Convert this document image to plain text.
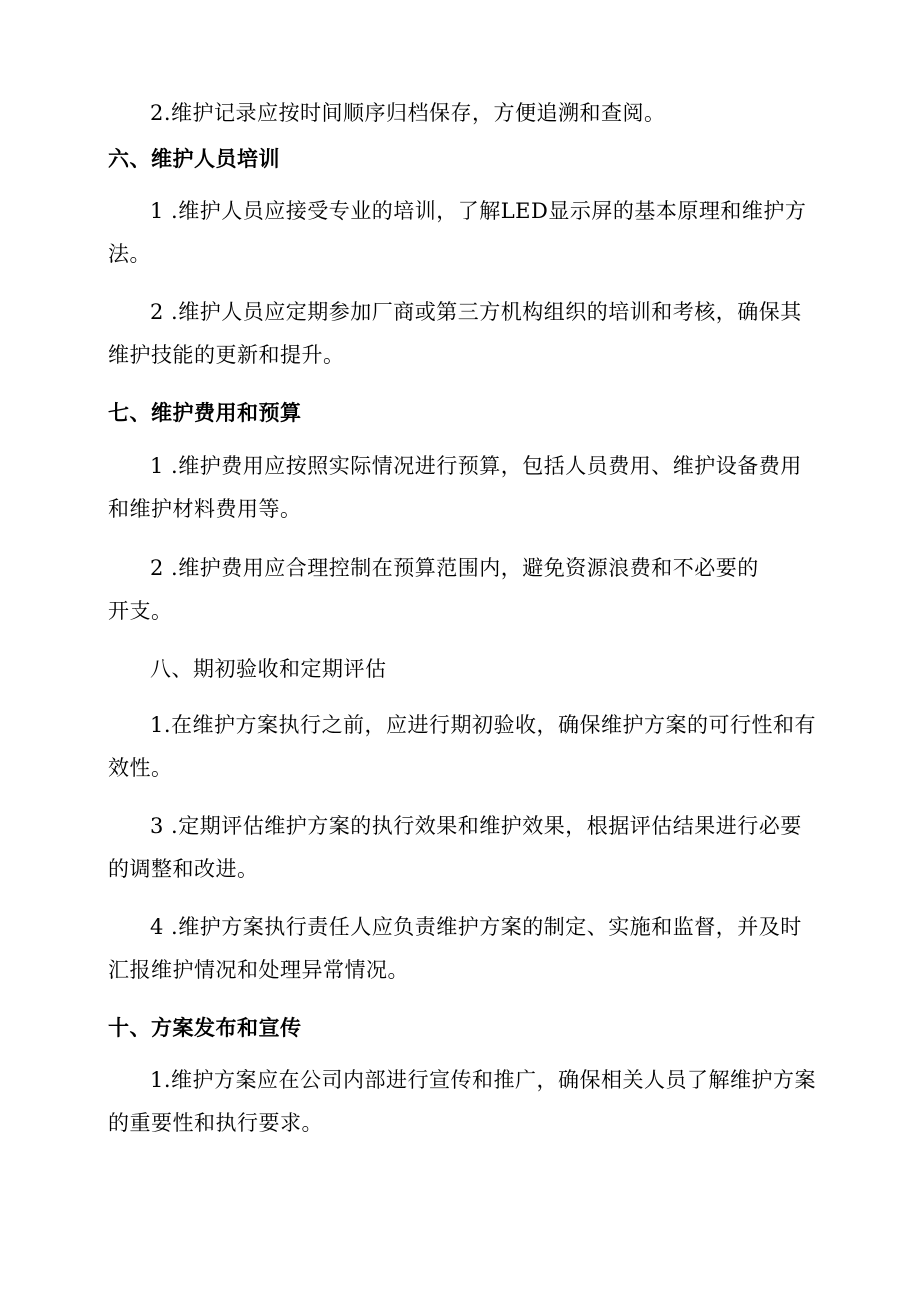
2.维护记录应按时间顺序归档保存，方便追溯和查阅。
六、维护人员培训
1 .维护人员应接受专业的培训，了解LED显示屏的基本原理和维护方
法。
2 .维护人员应定期参加厂商或第三方机构组织的培训和考核，确保其
维护技能的更新和提升。
七、维护费用和预算
1 .维护费用应按照实际情况进行预算，包括人员费用、维护设备费用
和维护材料费用等。
2 .维护费用应合理控制在预算范围内，避免资源浪费和不必要的
开支。
八、期初验收和定期评估
1.在维护方案执行之前，应进行期初验收，确保维护方案的可行性和有
效性。
3 .定期评估维护方案的执行效果和维护效果，根据评估结果进行必要
的调整和改进。
4 .维护方案执行责任人应负责维护方案的制定、实施和监督，并及时
汇报维护情况和处理异常情况。
十、方案发布和宣传
1.维护方案应在公司内部进行宣传和推广，确保相关人员了解维护方案
的重要性和执行要求。
